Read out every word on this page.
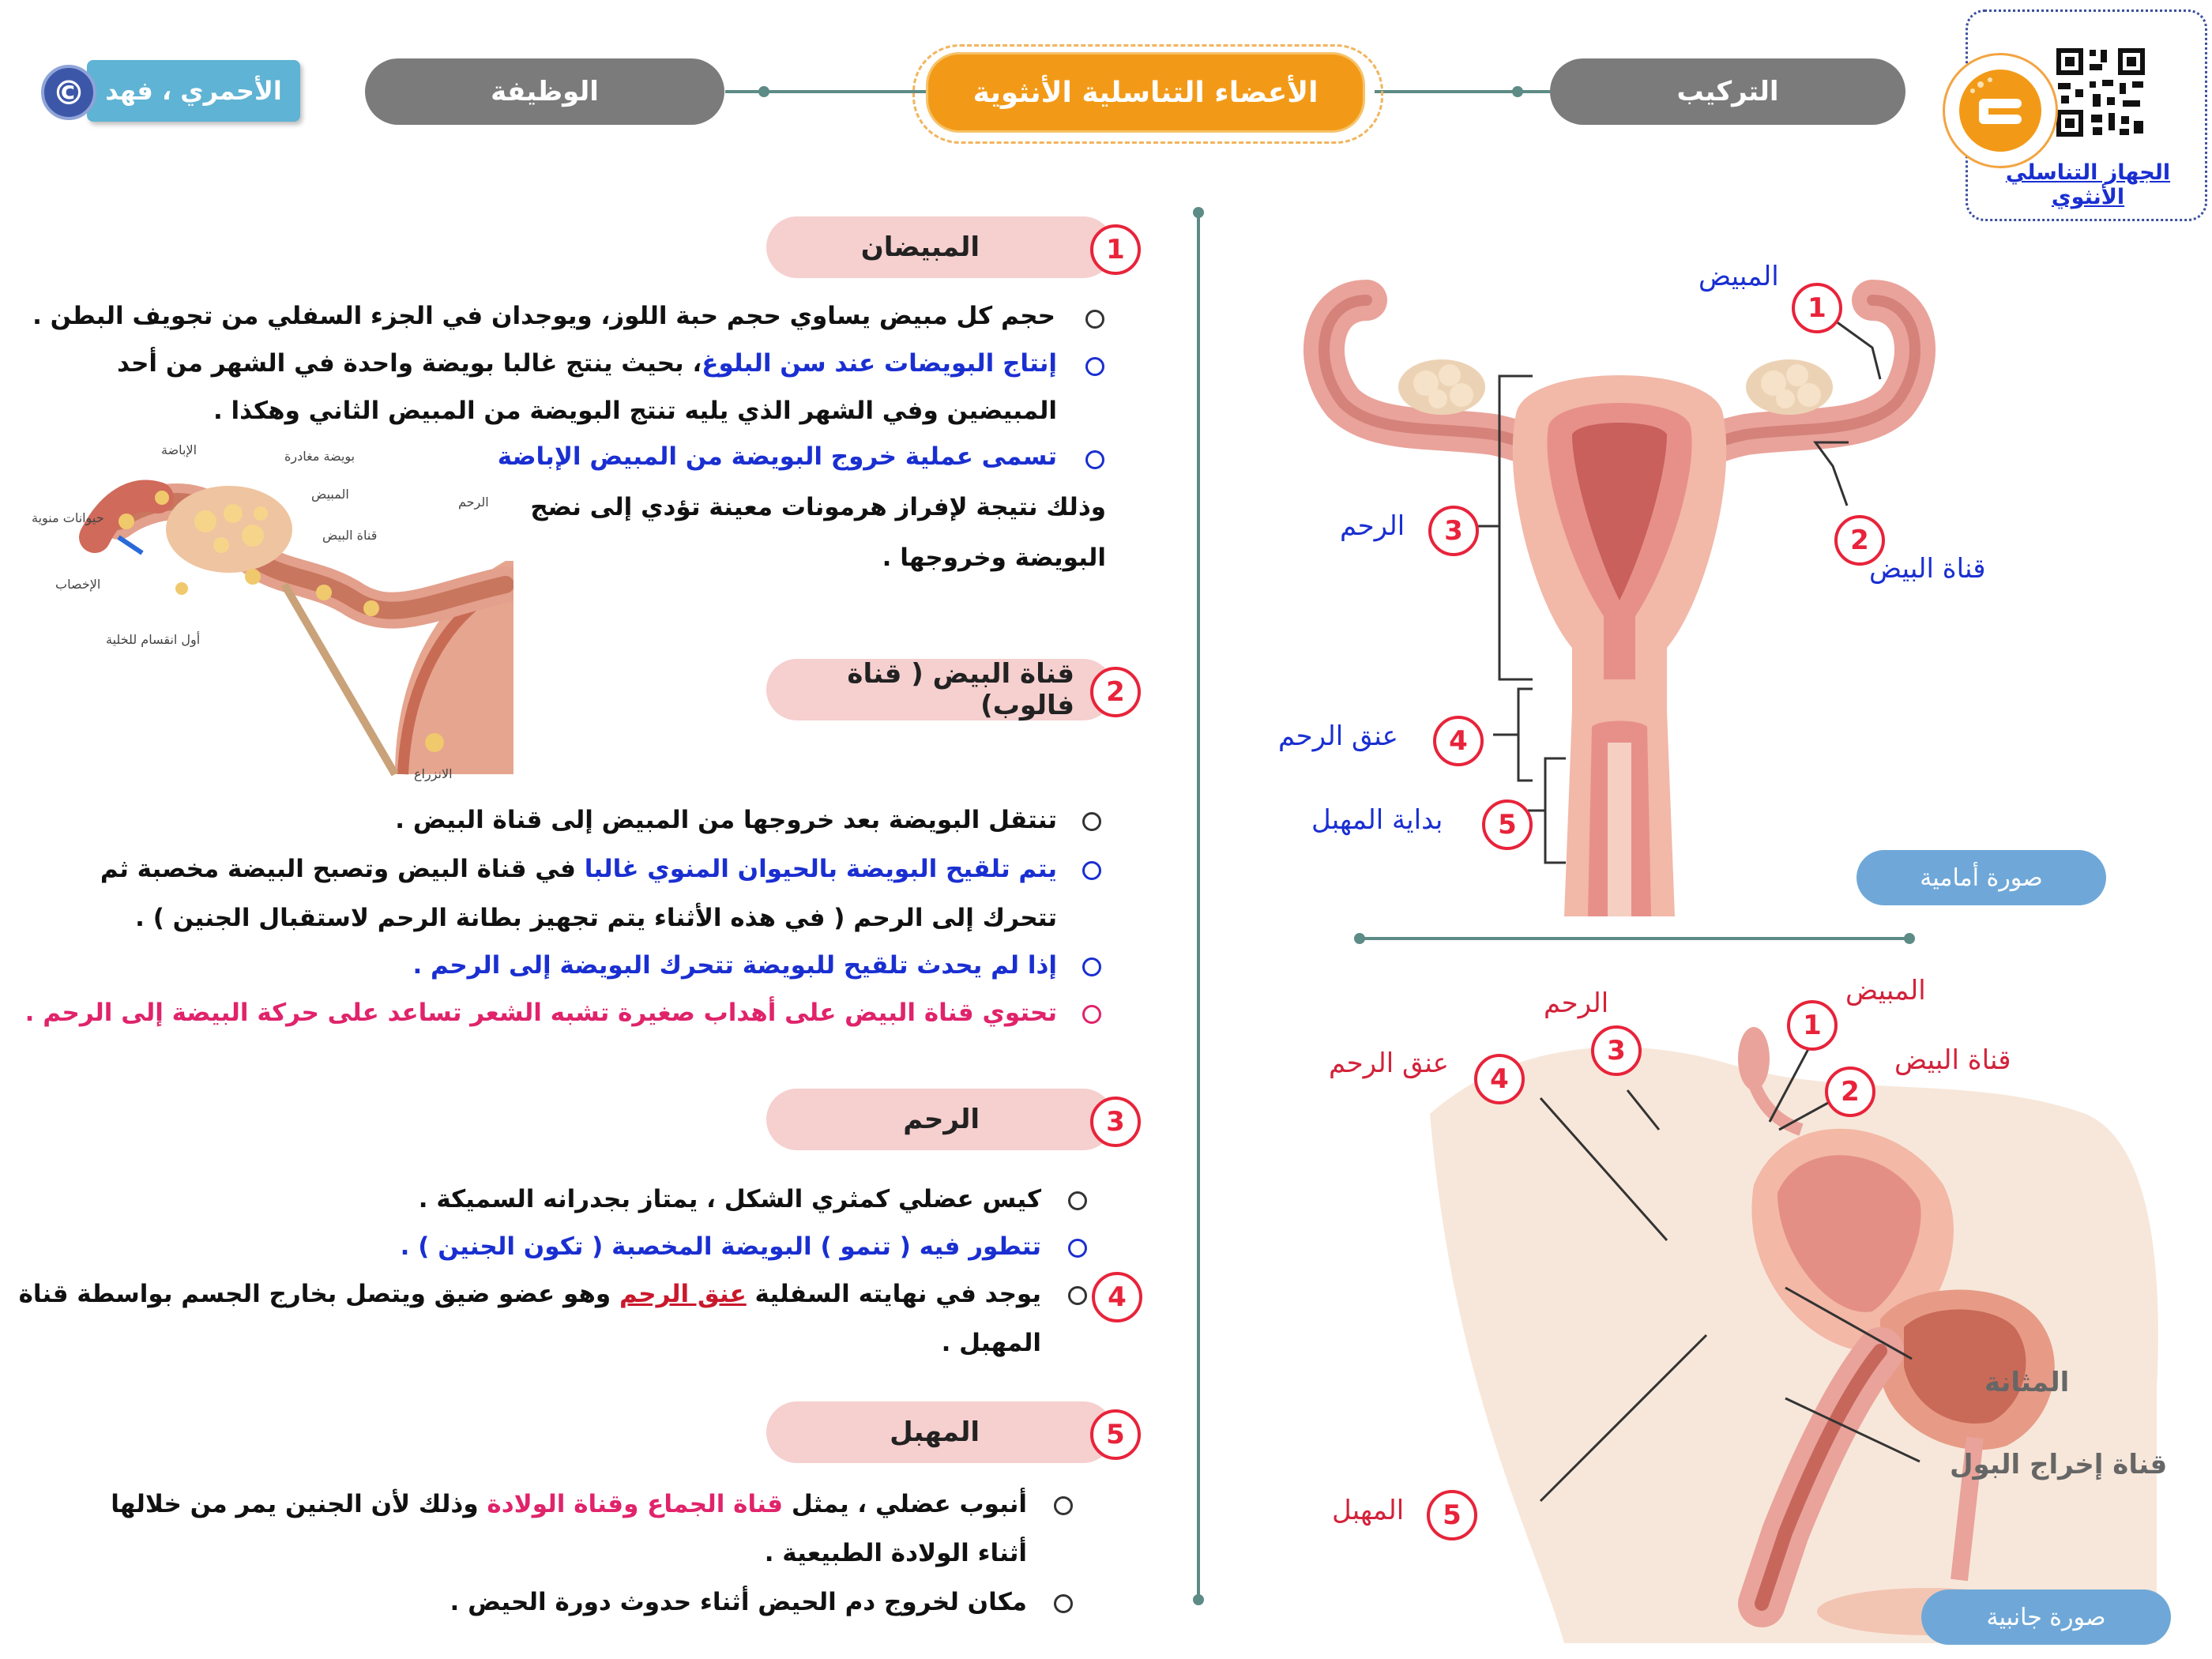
الجهاز التناسلي الأنثوي
التركيب
الأعضاء التناسلية الأنثوية
الوظيفة
الأحمري ، فهد
©
المبيضان	1
حجم كل مبيض يساوي حجم حبة اللوز، ويوجدان في الجزء السفلي من تجويف البطن .
إنتاج البويضات عند سن البلوغ، بحيث ينتج غالبا بويضة واحدة في الشهر من أحد
المبيضين وفي الشهر الذي يليه تنتج البويضة من المبيض الثاني وهكذا .
تسمى عملية خروج البويضة من المبيض الإباضة
وذلك نتيجة لإفراز هرمونات معينة تؤدي إلى نضج
البويضة وخروجها .
الإباضة	بويضة مغادرة
المبيض
حيوانات منوية
الرحم
قناة البيض
الإخصاب
أول انقسام للخلية
الانزراع
قناة البيض ( قناة فالوب) 2
تنتقل البويضة بعد خروجها من المبيض إلى قناة البيض .
يتم تلقيح البويضة بالحيوان المنوي غالبا في قناة البيض وتصبح البيضة مخصبة ثم
تتحرك إلى الرحم ( في هذه الأثناء يتم تجهيز بطانة الرحم لاستقبال الجنين ) .
إذا لم يحدث تلقيح للبويضة تتحرك البويضة إلى الرحم .
تحتوي قناة البيض على أهداب صغيرة تشبه الشعر تساعد على حركة البيضة إلى الرحم .
الرحم	3
كيس عضلي كمثري الشكل ، يمتاز بجدرانه السميكة .
تتطور فيه ( تنمو ) البويضة المخصبة ( تكون الجنين ) .
4
يوجد في نهايته السفلية عنق الرحم وهو عضو ضيق ويتصل بخارج الجسم بواسطة قناة
المهبل .
المهبل	5
أنبوب عضلي ، يمثل قناة الجماع وقناة الولادة وذلك لأن الجنين يمر من خلالها
أثناء الولادة الطبيعية .
مكان لخروج دم الحيض أثناء حدوث دورة الحيض .
المبيض
1
2
قناة البيض
الرحم 3
عنق الرحم 4
بداية المهبل 5
صورة أمامية
المبيض
1
قناة البيض
2
الرحم
3
عنق الرحم 4
المهبل 5
المثانة
قناة إخراج البول
صورة جانبية
